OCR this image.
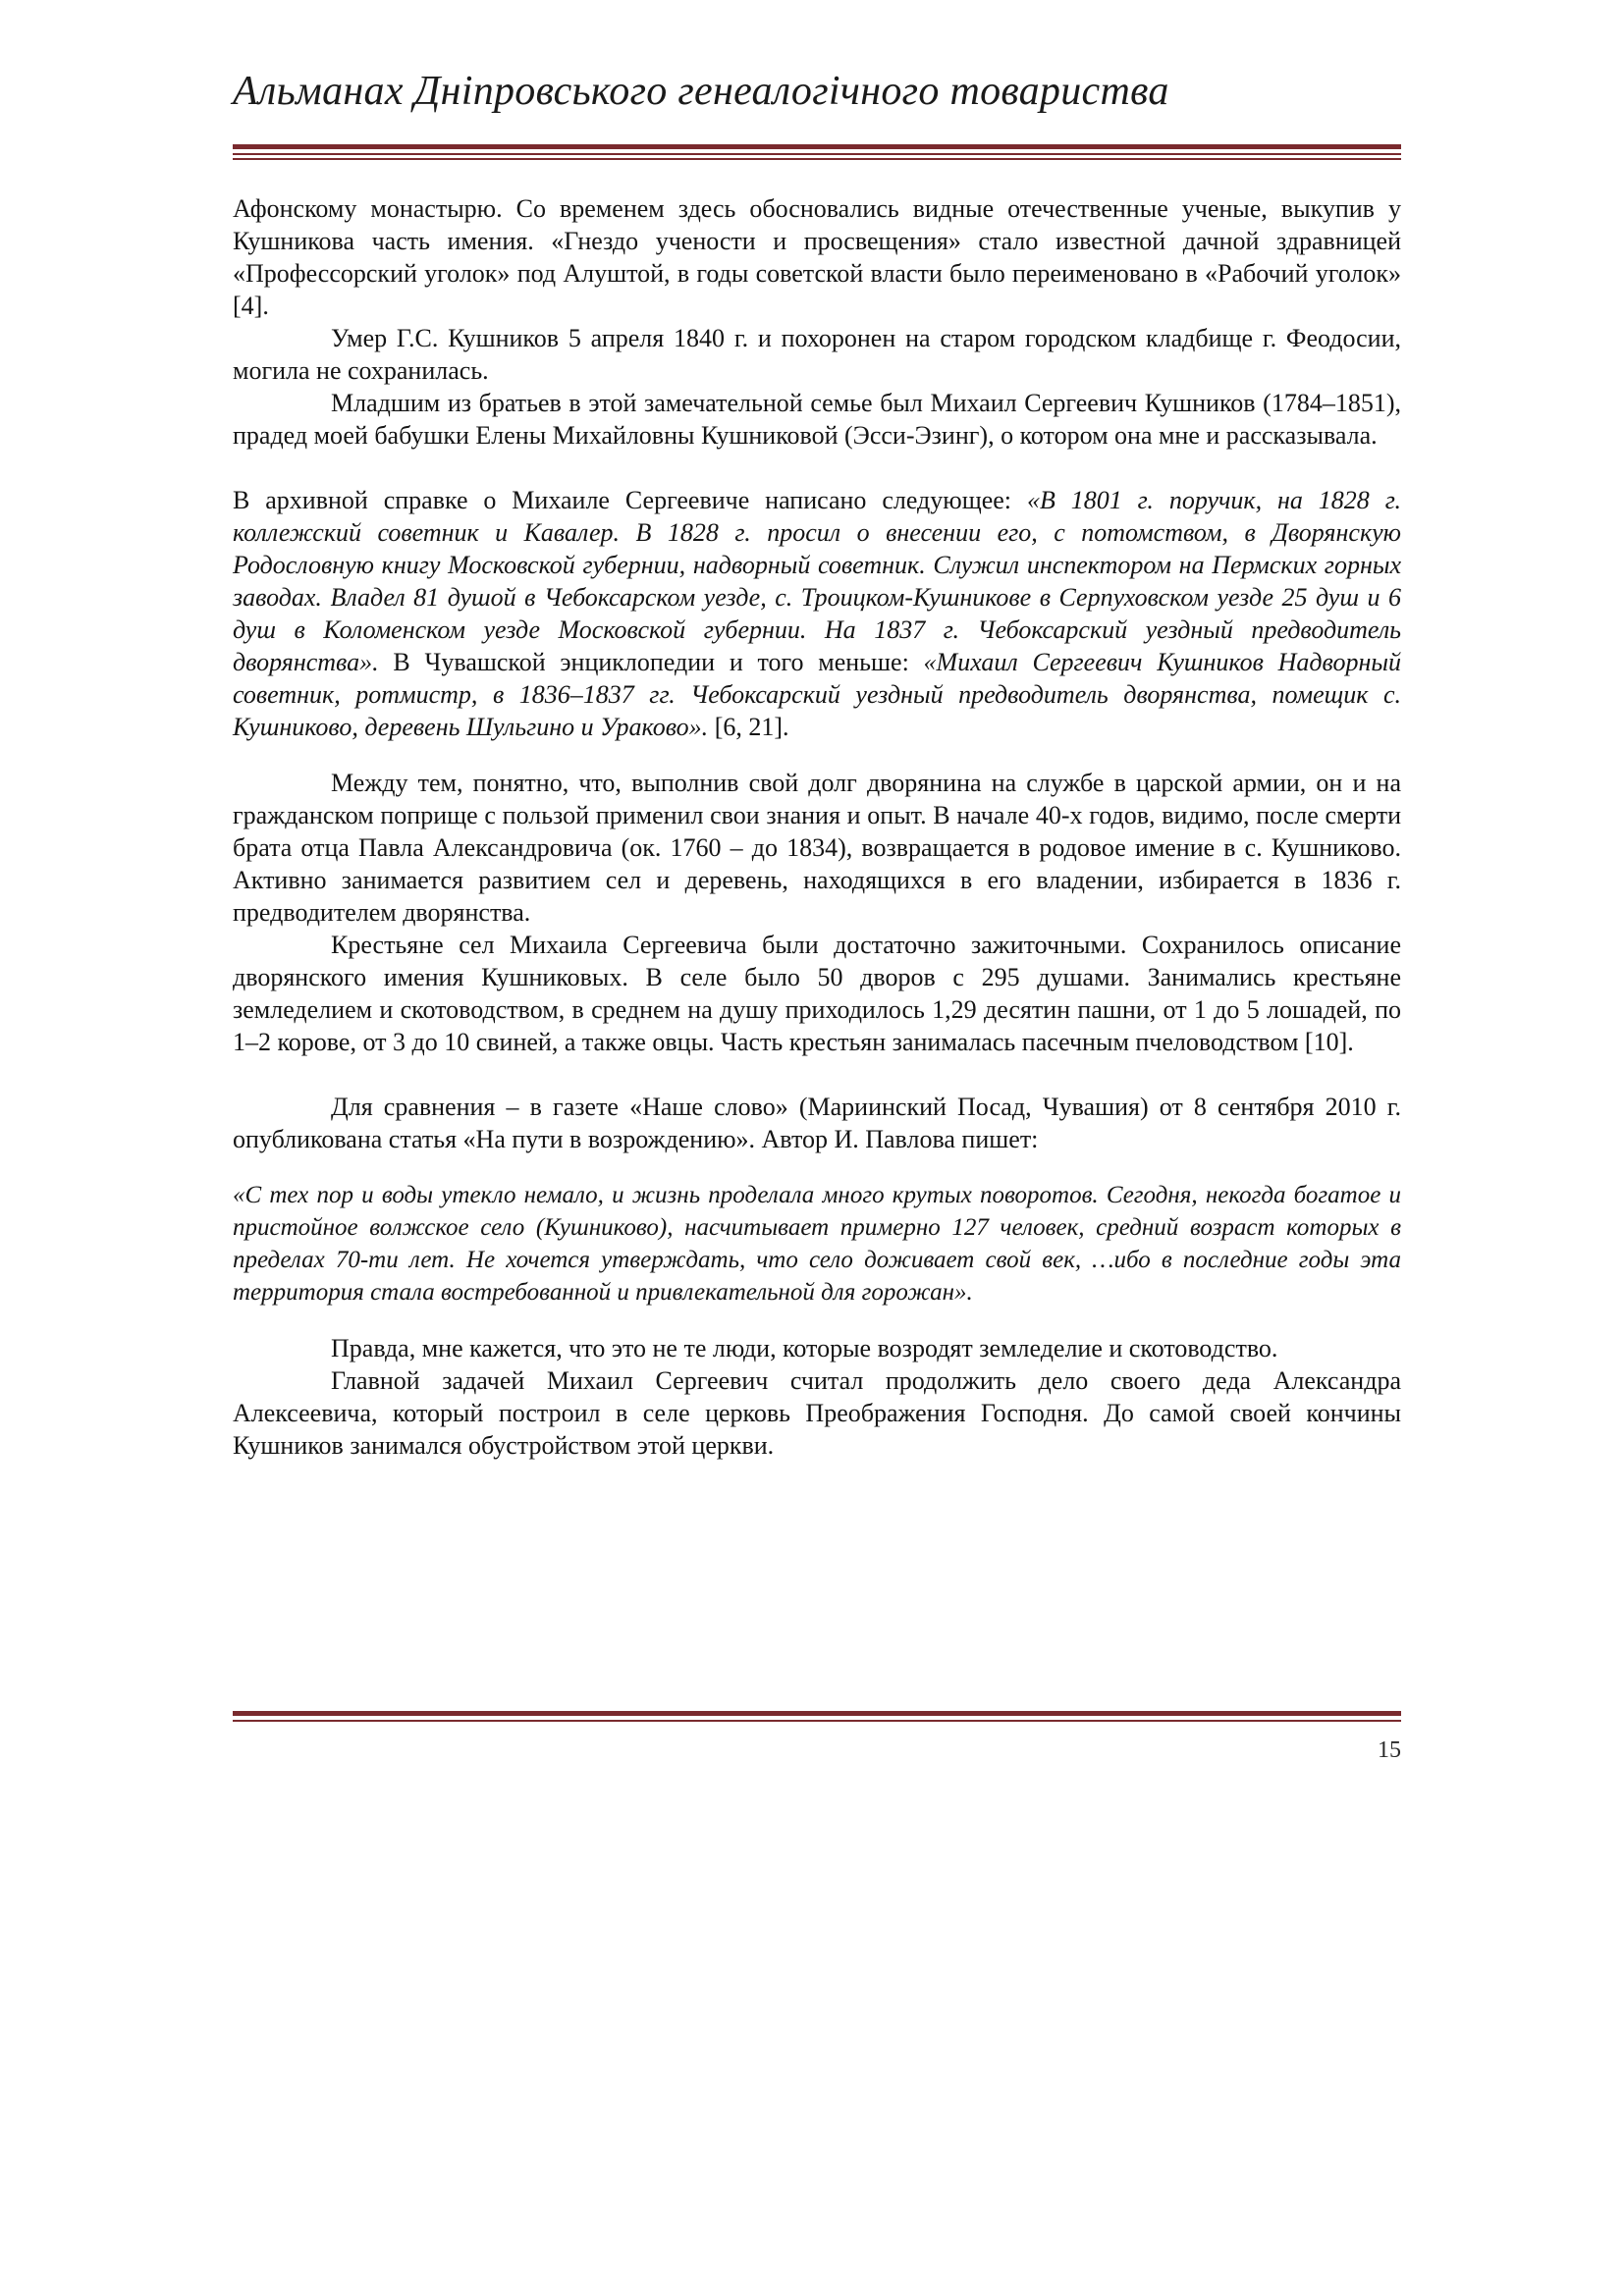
Альманах Дніпровського генеалогічного товариства

Афонскому монастырю. Со временем здесь обосновались видные отечественные ученые, выкупив у Кушникова часть имения. «Гнездо учености и просвещения» стало известной дачной здравницей «Профессорский уголок» под Алуштой, в годы советской власти было переименовано в «Рабочий уголок» [4].

Умер Г.С. Кушников 5 апреля 1840 г. и похоронен на старом городском кладбище г. Феодосии, могила не сохранилась.

Младшим из братьев в этой замечательной семье был Михаил Сергеевич Кушников (1784–1851), прадед моей бабушки Елены Михайловны Кушниковой (Эсси-Эзинг), о котором она мне и рассказывала.

В архивной справке о Михаиле Сергеевиче написано следующее: «В 1801 г. поручик, на 1828 г. коллежский советник и Кавалер. В 1828 г. просил о внесении его, с потомством, в Дворянскую Родословную книгу Московской губернии, надворный советник. Служил инспектором на Пермских горных заводах. Владел 81 душой в Чебоксарском уезде, с. Троицком-Кушникове в Серпуховском уезде 25 душ и 6 душ в Коломенском уезде Московской губернии. На 1837 г. Чебоксарский уездный предводитель дворянства». В Чувашской энциклопедии и того меньше: «Михаил Сергеевич Кушников Надворный советник, ротмистр, в 1836–1837 гг. Чебоксарский уездный предводитель дворянства, помещик с. Кушниково, деревень Шульгино и Ураково». [6, 21].

Между тем, понятно, что, выполнив свой долг дворянина на службе в царской армии, он и на гражданском поприще с пользой применил свои знания и опыт. В начале 40-х годов, видимо, после смерти брата отца Павла Александровича (ок. 1760 – до 1834), возвращается в родовое имение в с. Кушниково. Активно занимается развитием сел и деревень, находящихся в его владении, избирается в 1836 г. предводителем дворянства.

Крестьяне сел Михаила Сергеевича были достаточно зажиточными. Сохранилось описание дворянского имения Кушниковых. В селе было 50 дворов с 295 душами. Занимались крестьяне земледелием и скотоводством, в среднем на душу приходилось 1,29 десятин пашни, от 1 до 5 лошадей, по 1–2 корове, от 3 до 10 свиней, а также овцы. Часть крестьян занималась пасечным пчеловодством [10].

Для сравнения – в газете «Наше слово» (Мариинский Посад, Чувашия) от 8 сентября 2010 г. опубликована статья «На пути в возрождению». Автор И. Павлова пишет:

«С тех пор и воды утекло немало, и жизнь проделала много крутых поворотов. Сегодня, некогда богатое и пристойное волжское село (Кушниково), насчитывает примерно 127 человек, средний возраст которых в пределах 70-ти лет. Не хочется утверждать, что село доживает свой век, …ибо в последние годы эта территория стала востребованной и привлекательной для горожан».

Правда, мне кажется, что это не те люди, которые возродят земледелие и скотоводство.

Главной задачей Михаил Сергеевич считал продолжить дело своего деда Александра Алексеевича, который построил в селе церковь Преображения Господня. До самой своей кончины Кушников занимался обустройством этой церкви.

15
